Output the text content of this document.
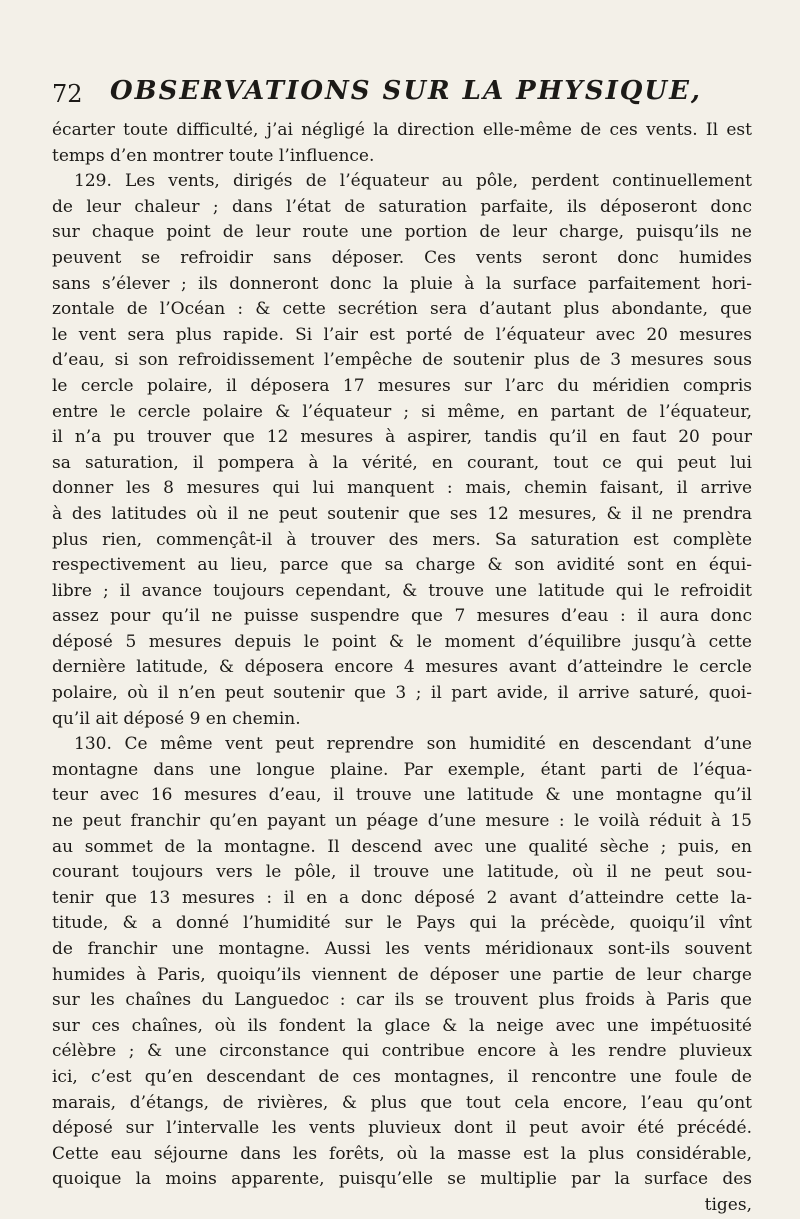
72 OBSERVATIONS SUR LA PHYSIQUE,
écarter toute difficulté, j’ai négligé la direction elle-même de ces vents. Il est
temps d’en montrer toute l’influence.
129. Les vents, dirigés de l’équateur au pôle, perdent continuellement
de leur chaleur ; dans l’état de saturation parfaite, ils déposeront donc
sur chaque point de leur route une portion de leur charge, puisqu’ils ne
peuvent se refroidir sans déposer. Ces vents seront donc humides
sans s’élever ; ils donneront donc la pluie à la surface parfaitement hori-
zontale de l’Océan : & cette secrétion sera d’autant plus abondante, que
le vent sera plus rapide. Si l’air est porté de l’équateur avec 20 mesures
d’eau, si son refroidissement l’empêche de soutenir plus de 3 mesures sous
le cercle polaire, il déposera 17 mesures sur l’arc du méridien compris
entre le cercle polaire & l’équateur ; si même, en partant de l’équateur,
il n’a pu trouver que 12 mesures à aspirer, tandis qu’il en faut 20 pour
sa saturation, il pompera à la vérité, en courant, tout ce qui peut lui
donner les 8 mesures qui lui manquent : mais, chemin faisant, il arrive
à des latitudes où il ne peut soutenir que ses 12 mesures, & il ne prendra
plus rien, commençât-il à trouver des mers. Sa saturation est complète
respectivement au lieu, parce que sa charge & son avidité sont en équi-
libre ; il avance toujours cependant, & trouve une latitude qui le refroidit
assez pour qu’il ne puisse suspendre que 7 mesures d’eau : il aura donc
déposé 5 mesures depuis le point & le moment d’équilibre jusqu’à cette
dernière latitude, & déposera encore 4 mesures avant d’atteindre le cercle
polaire, où il n’en peut soutenir que 3 ; il part avide, il arrive saturé, quoi-
qu’il ait déposé 9 en chemin.
130. Ce même vent peut reprendre son humidité en descendant d’une
montagne dans une longue plaine. Par exemple, étant parti de l’équa-
teur avec 16 mesures d’eau, il trouve une latitude & une montagne qu’il
ne peut franchir qu’en payant un péage d’une mesure : le voilà réduit à 15
au sommet de la montagne. Il descend avec une qualité sèche ; puis, en
courant toujours vers le pôle, il trouve une latitude, où il ne peut sou-
tenir que 13 mesures : il en a donc déposé 2 avant d’atteindre cette la-
titude, & a donné l’humidité sur le Pays qui la précède, quoiqu’il vînt
de franchir une montagne. Aussi les vents méridionaux sont-ils souvent
humides à Paris, quoiqu’ils viennent de déposer une partie de leur charge
sur les chaînes du Languedoc : car ils se trouvent plus froids à Paris que
sur ces chaînes, où ils fondent la glace & la neige avec une impétuosité
célèbre ; & une circonstance qui contribue encore à les rendre pluvieux
ici, c’est qu’en descendant de ces montagnes, il rencontre une foule de
marais, d’étangs, de rivières, & plus que tout cela encore, l’eau qu’ont
déposé sur l’intervalle les vents pluvieux dont il peut avoir été précédé.
Cette eau séjourne dans les forêts, où la masse est la plus considérable,
quoique la moins apparente, puisqu’elle se multiplie par la surface des
tiges,
